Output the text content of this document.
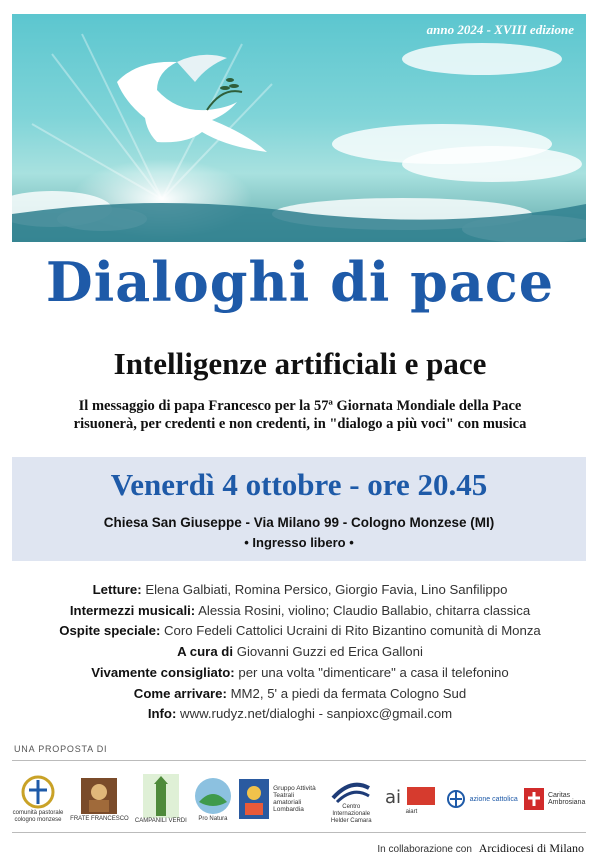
anno 2024 - XVIII edizione
Dialoghi di pace
Intelligenze artificiali e pace
Il messaggio di papa Francesco per la 57ª Giornata Mondiale della Pace
risuonerà, per credenti e non credenti, in "dialogo a più voci" con musica
Venerdì 4 ottobre - ore 20.45
Chiesa San Giuseppe - Via Milano 99 - Cologno Monzese (MI)
• Ingresso libero •
Letture: Elena Galbiati, Romina Persico, Giorgio Favia, Lino Sanfilippo
Intermezzi musicali: Alessia Rosini, violino; Claudio Ballabio, chitarra classica
Ospite speciale: Coro Fedeli Cattolici Ucraini di Rito Bizantino comunità di Monza
A cura di Giovanni Guzzi ed Erica Galloni
Vivamente consigliato: per una volta "dimenticare" a casa il telefonino
Come arrivare: MM2, 5' a piedi da fermata Cologno Sud
Info: www.rudyz.net/dialoghi - sanpioxc@gmail.com
UNA PROPOSTA DI
comunità pastorale cologno monzese	FRATE FRANCESCO CAMPANILI VERDI Pro Natura
Gruppo Attività Teatrali amatoriali Lombardia	Centro Internazionale Helder Camara
ai
aiart
azione cattolica	Caritas Ambrosiana
In collaborazione con Arcidiocesi di Milano
